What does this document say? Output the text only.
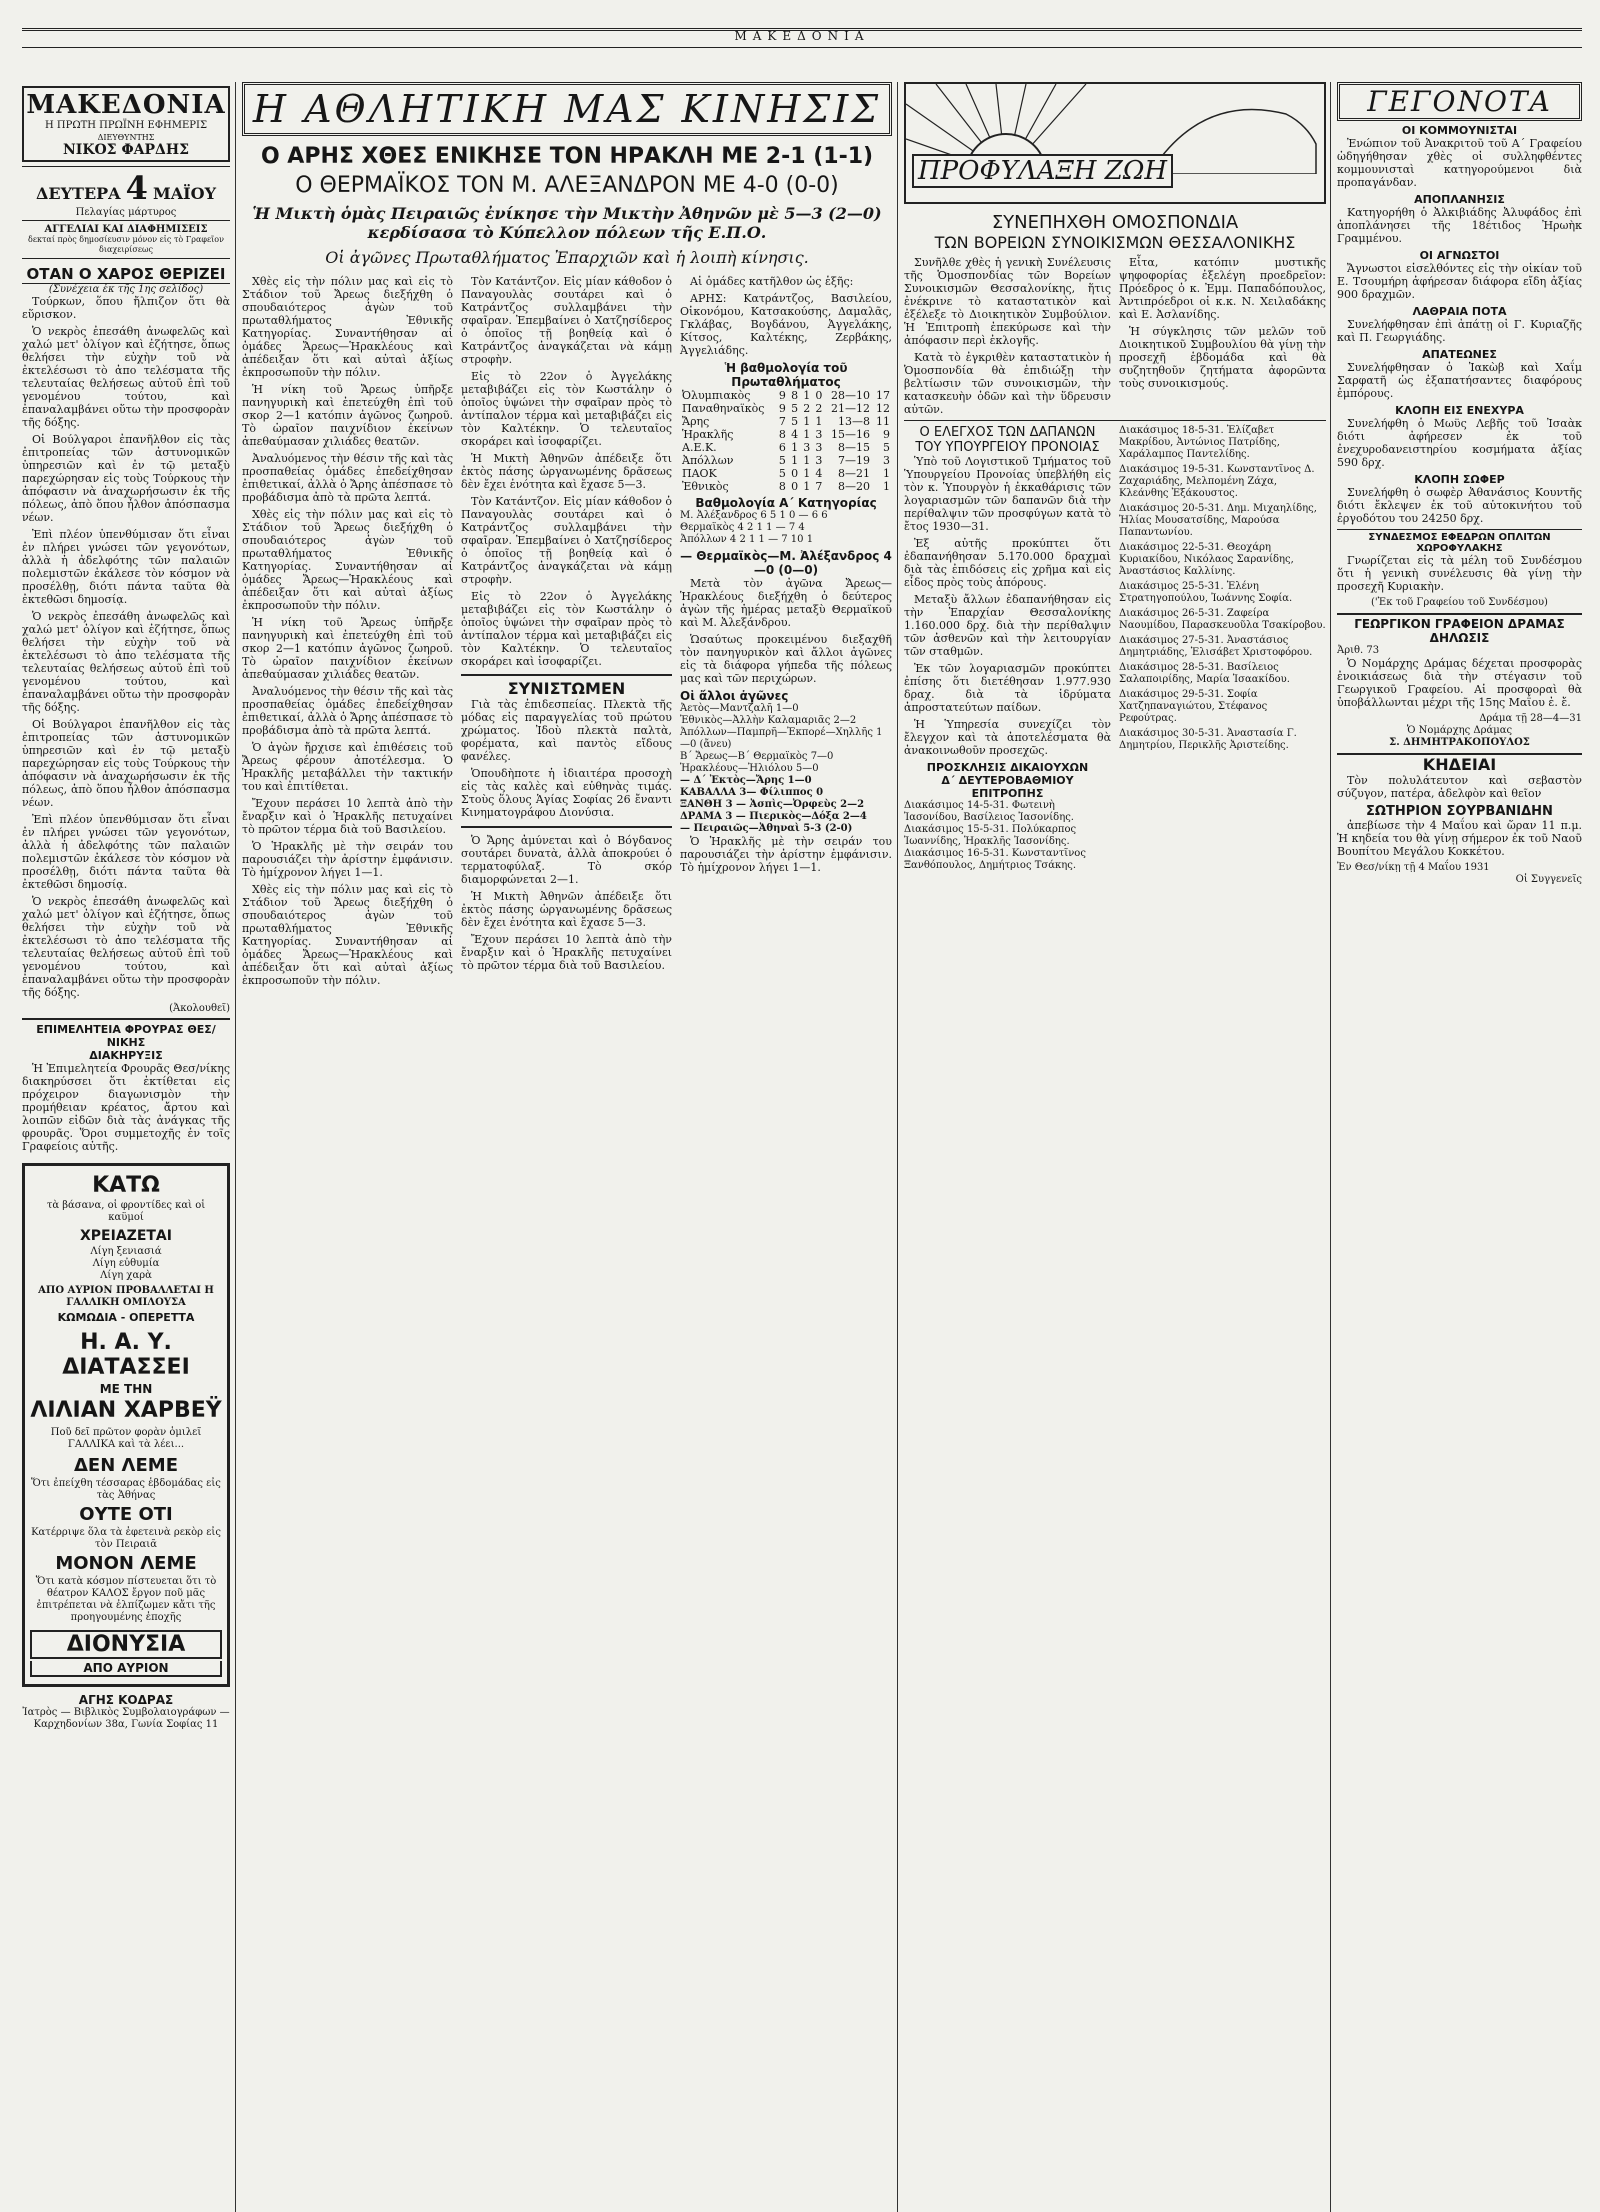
ΜΑΚΕΔΟΝΙΑ
ΜΑΚΕΔΟΝΙΑ
Η ΠΡΩΤΗ ΠΡΩΪΝΗ ΕΦΗΜΕΡΙΣ
ΔΙΕΥΘΥΝΤΗΣ
ΝΙΚΟΣ ΦΑΡΔΗΣ
ΔΕΥΤΕΡΑ 4 ΜΑΪΟΥ
Πελαγίας μάρτυρος
ΑΓΓΕΛΙΑΙ ΚΑΙ ΔΙΑΦΗΜΙΣΕΙΣ
δεκταί πρὸς δημοσίευσιν μόνον εἰς τὸ Γραφεῖον διαχειρίσεως
ΟΤΑΝ Ο ΧΑΡΟΣ ΘΕΡΙΖΕΙ
(Συνέχεια ἐκ τῆς 1ης σελίδος)

Τούρκων, ὅπου ἤλπιζον ὅτι θὰ εὕρισκον.

Ὁ νεκρὸς ἐπεσάθη ἀνωφελῶς καὶ χαλώ μετ' ὀλίγον καὶ ἐζήτησε, ὅπως θελήσει τὴν εὐχὴν τοῦ νὰ ἐκτελέσωσι τὸ ἀπο τελέσματα τῆς τελευταίας θελήσεως αὐτοῦ ἐπὶ τοῦ γενομένου τούτου, καὶ ἐπαναλαμβάνει οὕτω τὴν προσφορὰν τῆς δόξης.

Οἱ Βούλγαροι ἐπανῆλθον εἰς τὰς ἐπιτροπείας τῶν ἀστυνομικῶν ὑπηρεσιῶν καὶ ἐν τῷ μεταξὺ παρεχώρησαν εἰς τοὺς Τούρκους τὴν ἀπόφασιν νὰ ἀναχωρήσωσιν ἐκ τῆς πόλεως, ἀπὸ ὅπου ἦλθον ἀπόσπασμα νέων.

Ἐπὶ πλέον ὑπενθύμισαν ὅτι εἶναι ἐν πλήρει γνώσει τῶν γεγονότων, ἀλλὰ ἡ ἀδελφότης τῶν παλαιῶν πολεμιστῶν ἐκάλεσε τὸν κόσμον νὰ προσέλθῃ, διότι πάντα ταῦτα θὰ ἐκτεθῶσι δημοσίᾳ.

Ὁ νεκρὸς ἐπεσάθη ἀνωφελῶς καὶ χαλώ μετ' ὀλίγον καὶ ἐζήτησε, ὅπως θελήσει τὴν εὐχὴν τοῦ νὰ ἐκτελέσωσι τὸ ἀπο τελέσματα τῆς τελευταίας θελήσεως αὐτοῦ ἐπὶ τοῦ γενομένου τούτου, καὶ ἐπαναλαμβάνει οὕτω τὴν προσφορὰν τῆς δόξης.

Οἱ Βούλγαροι ἐπανῆλθον εἰς τὰς ἐπιτροπείας τῶν ἀστυνομικῶν ὑπηρεσιῶν καὶ ἐν τῷ μεταξὺ παρεχώρησαν εἰς τοὺς Τούρκους τὴν ἀπόφασιν νὰ ἀναχωρήσωσιν ἐκ τῆς πόλεως, ἀπὸ ὅπου ἦλθον ἀπόσπασμα νέων.

Ἐπὶ πλέον ὑπενθύμισαν ὅτι εἶναι ἐν πλήρει γνώσει τῶν γεγονότων, ἀλλὰ ἡ ἀδελφότης τῶν παλαιῶν πολεμιστῶν ἐκάλεσε τὸν κόσμον νὰ προσέλθῃ, διότι πάντα ταῦτα θὰ ἐκτεθῶσι δημοσίᾳ.

Ὁ νεκρὸς ἐπεσάθη ἀνωφελῶς καὶ χαλώ μετ' ὀλίγον καὶ ἐζήτησε, ὅπως θελήσει τὴν εὐχὴν τοῦ νὰ ἐκτελέσωσι τὸ ἀπο τελέσματα τῆς τελευταίας θελήσεως αὐτοῦ ἐπὶ τοῦ γενομένου τούτου, καὶ ἐπαναλαμβάνει οὕτω τὴν προσφορὰν τῆς δόξης.

(Ἀκολουθεῖ)
ΕΠΙΜΕΛΗΤΕΙΑ ΦΡΟΥΡΑΣ ΘΕΣ/ΝΙΚΗΣ
ΔΙΑΚΗΡΥΞΙΣ

Ἡ Ἐπιμελητεία Φρουρᾶς Θεσ/νίκης διακηρύσσει ὅτι ἐκτίθεται εἰς πρόχειρον διαγωνισμὸν τὴν προμήθειαν κρέατος, ἄρτου καὶ λοιπῶν εἰδῶν διὰ τὰς ἀνάγκας τῆς φρουρᾶς. Ὅροι συμμετοχῆς ἐν τοῖς Γραφείοις αὐτῆς.

ΚΑΤΩ
τὰ βάσανα, οἱ φροντίδες καὶ οἱ καϋμοί
ΧΡΕΙΑΖΕΤΑΙ
Λίγη ξενιασιά
Λίγη εὐθυμία
Λίγη χαρὰ
ΑΠΟ ΑΥΡΙΟΝ ΠΡΟΒΑΛΛΕΤΑΙ Η ΓΑΛΛΙΚΗ ΟΜΙΛΟΥΣΑ
ΚΩΜΩΔΙΑ - ΟΠΕΡΕΤΤΑ
Η. Α. Υ. ΔΙΑΤΑΣΣΕΙ
ΜΕ ΤΗΝ
ΛΙΛΙΑΝ ΧΑΡΒΕΫ
Ποῦ δεῖ πρῶτον φορὰν ὁμιλεῖ ΓΑΛΛΙΚΑ καὶ τὰ λέει...
ΔΕΝ ΛΕΜΕ
Ὅτι ἐπείχθη τέσσαρας ἑβδομάδας εἰς τὰς Ἀθήνας
ΟΥΤΕ ΟΤΙ
Κατέρριψε ὅλα τὰ ἐφετεινὰ ρεκὸρ εἰς τὸν Πειραιᾶ
ΜΟΝΟΝ ΛΕΜΕ
Ὅτι κατὰ κόσμον πίστευεται ὅτι τὸ θέατρον ΚΑΛΟΣ ἔργον ποῦ μᾶς ἐπιτρέπεται νὰ ἐλπίζωμεν κἄτι τῆς προηγουμένης ἐποχῆς
ΔΙΟΝΥΣΙΑ
ΑΠΟ ΑΥΡΙΟΝ
ΑΓΗΣ ΚΟΔΡΑΣ
Ἰατρὸς — Βιβλικὸς Συμβολαιογράφων — Καρχηδονίων 38α, Γωνία Σοφίας 11
Η ΑΘΛΗΤΙΚΗ ΜΑΣ ΚΙΝΗΣΙΣ
Ο ΑΡΗΣ ΧΘΕΣ ΕΝΙΚΗΣΕ ΤΟΝ ΗΡΑΚΛΗ ΜΕ 2-1 (1-1)
Ο ΘΕΡΜΑΪΚΟΣ ΤΟΝ Μ. ΑΛΕΞΑΝΔΡΟΝ ΜΕ 4-0 (0-0)
Ἡ Μικτὴ ὁμὰς Πειραιῶς ἐνίκησε τὴν Μικτὴν Ἀθηνῶν μὲ 5—3 (2—0) κερδίσασα τὸ Κύπελλον πόλεων τῆς Ε.Π.Ο.
Οἱ ἀγῶνες Πρωταθλήματος Ἐπαρχιῶν καὶ ἡ λοιπὴ κίνησις.

Χθὲς εἰς τὴν πόλιν μας καὶ εἰς τὸ Στάδιον τοῦ Ἄρεως διεξήχθη ὁ σπουδαιότερος ἀγὼν τοῦ πρωταθλήματος Ἐθνικῆς Κατηγορίας. Συναντήθησαν αἱ ὁμάδες Ἄρεως—Ἡρακλέους καὶ ἀπέδειξαν ὅτι καὶ αὐταὶ ἀξίως ἐκπροσωποῦν τὴν πόλιν.

Ἡ νίκη τοῦ Ἄρεως ὑπῆρξε πανηγυρικὴ καὶ ἐπετεύχθη ἐπὶ τοῦ σκορ 2—1 κατόπιν ἀγῶνος ζωηροῦ. Τὸ ὡραῖον παιχνίδιον ἐκείνων ἀπεθαύμασαν χιλιάδες θεατῶν.

Ἀναλυόμενος τὴν θέσιν τῆς καὶ τὰς προσπαθείας ὁμάδες ἐπεδείχθησαν ἐπιθετικαί, ἀλλὰ ὁ Ἄρης ἀπέσπασε τὸ προβάδισμα ἀπὸ τὰ πρῶτα λεπτά.

Χθὲς εἰς τὴν πόλιν μας καὶ εἰς τὸ Στάδιον τοῦ Ἄρεως διεξήχθη ὁ σπουδαιότερος ἀγὼν τοῦ πρωταθλήματος Ἐθνικῆς Κατηγορίας. Συναντήθησαν αἱ ὁμάδες Ἄρεως—Ἡρακλέους καὶ ἀπέδειξαν ὅτι καὶ αὐταὶ ἀξίως ἐκπροσωποῦν τὴν πόλιν.

Ἡ νίκη τοῦ Ἄρεως ὑπῆρξε πανηγυρικὴ καὶ ἐπετεύχθη ἐπὶ τοῦ σκορ 2—1 κατόπιν ἀγῶνος ζωηροῦ. Τὸ ὡραῖον παιχνίδιον ἐκείνων ἀπεθαύμασαν χιλιάδες θεατῶν.

Ἀναλυόμενος τὴν θέσιν τῆς καὶ τὰς προσπαθείας ὁμάδες ἐπεδείχθησαν ἐπιθετικαί, ἀλλὰ ὁ Ἄρης ἀπέσπασε τὸ προβάδισμα ἀπὸ τὰ πρῶτα λεπτά.

Ὁ ἀγὼν ἤρχισε καὶ ἐπιθέσεις τοῦ Ἄρεως φέρουν ἀποτέλεσμα. Ὁ Ἡρακλῆς μεταβάλλει τὴν τακτικήν του καὶ ἐπιτίθεται.

Ἔχουν περάσει 10 λεπτὰ ἀπὸ τὴν ἔναρξιν καὶ ὁ Ἡρακλῆς πετυχαίνει τὸ πρῶτον τέρμα διὰ τοῦ Βασιλείου.

Ὁ Ἡρακλῆς μὲ τὴν σειράν του παρουσιάζει τὴν ἀρίστην ἐμφάνισιν. Τὸ ἡμίχρονον λήγει 1—1.

Χθὲς εἰς τὴν πόλιν μας καὶ εἰς τὸ Στάδιον τοῦ Ἄρεως διεξήχθη ὁ σπουδαιότερος ἀγὼν τοῦ πρωταθλήματος Ἐθνικῆς Κατηγορίας. Συναντήθησαν αἱ ὁμάδες Ἄρεως—Ἡρακλέους καὶ ἀπέδειξαν ὅτι καὶ αὐταὶ ἀξίως ἐκπροσωποῦν τὴν πόλιν.

Τὸν Κατάντζον. Εἰς μίαν κάθοδον ὁ Παναγουλὰς σουτάρει καὶ ὁ Κατράντζος συλλαμβάνει τὴν σφαῖραν. Ἐπεμβαίνει ὁ Χατζησίδερος ὁ ὁποῖος τῇ βοηθείᾳ καὶ ὁ Κατράντζος ἀναγκάζεται νὰ κάμῃ στροφὴν.

Εἰς τὸ 22ον ὁ Ἀγγελάκης μεταβιβάζει εἰς τὸν Κωστάλην ὁ ὁποῖος ὑψώνει τὴν σφαῖραν πρὸς τὸ ἀντίπαλον τέρμα καὶ μεταβιβάζει εἰς τὸν Καλτέκην. Ὁ τελευταῖος σκοράρει καὶ ἰσοφαρίζει.

Ἡ Μικτὴ Ἀθηνῶν ἀπέδειξε ὅτι ἐκτὸς πάσης ὡργανωμένης δρᾶσεως δὲν ἔχει ἐνότητα καὶ ἔχασε 5—3.

Τὸν Κατάντζον. Εἰς μίαν κάθοδον ὁ Παναγουλὰς σουτάρει καὶ ὁ Κατράντζος συλλαμβάνει τὴν σφαῖραν. Ἐπεμβαίνει ὁ Χατζησίδερος ὁ ὁποῖος τῇ βοηθείᾳ καὶ ὁ Κατράντζος ἀναγκάζεται νὰ κάμῃ στροφὴν.

Εἰς τὸ 22ον ὁ Ἀγγελάκης μεταβιβάζει εἰς τὸν Κωστάλην ὁ ὁποῖος ὑψώνει τὴν σφαῖραν πρὸς τὸ ἀντίπαλον τέρμα καὶ μεταβιβάζει εἰς τὸν Καλτέκην. Ὁ τελευταῖος σκοράρει καὶ ἰσοφαρίζει.

ΣΥΝΙΣΤΩΜΕΝ

Γιὰ τὰς ἐπιδεσπείας. Πλεκτὰ τῆς μόδας εἰς παραγγελίας τοῦ πρώτου χρώματος. Ἰδοὺ πλεκτὰ παλτὰ, φορέματα, καὶ παντὸς εἴδους φανέλες.

Ὁπουδὴποτε ἡ ἰδιαιτέρα προσοχὴ εἰς τὰς καλὲς καὶ εὐθηνὰς τιμάς. Στοὺς ὅλους Ἁγίας Σοφίας 26 ἔναντι Κινηματογράφου Διονύσια.

Ὁ Ἄρης ἀμύνεται καὶ ὁ Βόγδανος σουτάρει δυνατὰ, ἀλλὰ ἀποκρούει ὁ τερματοφύλαξ. Τὸ σκόρ διαμορφώνεται 2—1.

Ἡ Μικτὴ Ἀθηνῶν ἀπέδειξε ὅτι ἐκτὸς πάσης ὡργανωμένης δρᾶσεως δὲν ἔχει ἐνότητα καὶ ἔχασε 5—3.

Ἔχουν περάσει 10 λεπτὰ ἀπὸ τὴν ἔναρξιν καὶ ὁ Ἡρακλῆς πετυχαίνει τὸ πρῶτον τέρμα διὰ τοῦ Βασιλείου.

Αἱ ὁμάδες κατῆλθον ὡς ἑξῆς:

ΑΡΗΣ: Κατράντζος, Βασιλείου, Οἰκονόμου, Κατσακούσης, Δαμαλᾶς, Γκλάβας, Βογδάνου, Ἀγγελάκης, Κίτσος, Καλτέκης, Ζερβάκης, Ἀγγελιάδης.

Ἡ βαθμολογία τοῦ Πρωταθλήματος
Ὀλυμπιακὸς	9	8	1	0	28—10	17
Παναθηναϊκὸς	9	5	2	2	21—12	12
Ἄρης	7	5	1	1	13—8	11
Ἡρακλῆς	8	4	1	3	15—16	9
Α.Ε.Κ.	6	1	3	3	8—15	5
Ἀπόλλων	5	1	1	3	7—19	3
ΠΑΟΚ	5	0	1	4	8—21	1
Ἐθνικὸς	8	0	1	7	8—20	1
Βαθμολογία Α΄ Κατηγορίας
Μ. Ἀλέξανδρος 6 5 1 0 — 6 6
Θερμαϊκὸς 4 2 1 1 — 7 4
Ἀπόλλων 4 2 1 1 — 7 10 1
— Θερμαϊκὸς—Μ. Ἀλέξανδρος 4—0 (0—0)

Μετὰ τὸν ἀγῶνα Ἄρεως—Ἡρακλέους διεξήχθη ὁ δεύτερος ἀγὼν τῆς ἡμέρας μεταξὺ Θερμαϊκοῦ καὶ Μ. Ἀλεξάνδρου.

Ὡσαύτως προκειμένου διεξαχθῆ τὸν πανηγυρικὸν καὶ ἄλλοι ἀγῶνες εἰς τὰ διάφορα γήπεδα τῆς πόλεως μας καὶ τῶν περιχώρων.

Οἱ ἄλλοι ἀγῶνες
Ἀετὸς—Μαντζαλῆ 1—0
Ἐθνικὸς—Ἀλλὴν Καλαμαριᾶς 2—2
Ἀπόλλων—Παμπρῆ—Ἐκπορέ—Χηλλῆς 1—0 (ἄνευ)
Β΄ Ἄρεως—Β΄ Θερμαϊκὸς 7—0
Ἡρακλέους—Ἠλιόλου 5—0
— Δ΄ Ἐκτὸς—Ἄρης 1—0
ΚΑΒΑΛΛΑ 3— Φίλιππος 0
ΞΑΝΘΗ 3 — Ἀσπὶς—Ὀρφεὺς 2—2
ΔΡΑΜΑ 3 — Πιερικὸς—Δόξα 2—4
— Πειραιῶς—Ἀθηναὶ 5-3 (2-0)

Ὁ Ἡρακλῆς μὲ τὴν σειράν του παρουσιάζει τὴν ἀρίστην ἐμφάνισιν. Τὸ ἡμίχρονον λήγει 1—1.

ΠΡΟΦΥΛΑΞΗ ΖΩΗ
ΣΥΝΕΠΗΧΘΗ ΟΜΟΣΠΟΝΔΙΑ
ΤΩΝ ΒΟΡΕΙΩΝ ΣΥΝΟΙΚΙΣΜΩΝ ΘΕΣΣΑΛΟΝΙΚΗΣ

Συνῆλθε χθὲς ἡ γενικὴ Συνέλευσις τῆς Ὁμοσπονδίας τῶν Βορείων Συνοικισμῶν Θεσσαλονίκης, ἥτις ἐνέκρινε τὸ καταστατικὸν καὶ ἐξέλεξε τὸ Διοικητικὸν Συμβούλιον. Ἡ Ἐπιτροπὴ ἐπεκύρωσε καὶ τὴν ἀπόφασιν περὶ ἐκλογῆς.

Κατὰ τὸ ἐγκριθὲν καταστατικὸν ἡ Ὁμοσπονδία θὰ ἐπιδιώξῃ τὴν βελτίωσιν τῶν συνοικισμῶν, τὴν κατασκευὴν ὁδῶν καὶ τὴν ὕδρευσιν αὐτῶν.

Εἶτα, κατόπιν μυστικῆς ψηφοφορίας ἐξελέγη προεδρεῖον: Πρόεδρος ὁ κ. Ἐμμ. Παπαδόπουλος, Ἀντιπρόεδροι οἱ κ.κ. Ν. Χειλαδάκης καὶ Ε. Ἀσλανίδης.

Ἡ σύγκλησις τῶν μελῶν τοῦ Διοικητικοῦ Συμβουλίου θὰ γίνῃ τὴν προσεχῆ ἑβδομάδα καὶ θὰ συζητηθοῦν ζητήματα ἀφορῶντα τοὺς συνοικισμούς.

Ο ΕΛΕΓΧΟΣ ΤΩΝ ΔΑΠΑΝΩΝ
ΤΟΥ ΥΠΟΥΡΓΕΙΟΥ ΠΡΟΝΟΙΑΣ

Ὑπὸ τοῦ Λογιστικοῦ Τμήματος τοῦ Ὑπουργείου Προνοίας ὑπεβλήθη εἰς τὸν κ. Ὑπουργὸν ἡ ἐκκαθάρισις τῶν λογαριασμῶν τῶν δαπανῶν διὰ τὴν περίθαλψιν τῶν προσφύγων κατὰ τὸ ἔτος 1930—31.

Ἐξ αὐτῆς προκύπτει ὅτι ἐδαπανήθησαν 5.170.000 δραχμαὶ διὰ τὰς ἐπιδόσεις εἰς χρῆμα καὶ εἰς εἶδος πρὸς τοὺς ἀπόρους.

Μεταξὺ ἄλλων ἐδαπανήθησαν εἰς τὴν Ἐπαρχίαν Θεσσαλονίκης 1.160.000 δρχ. διὰ τὴν περίθαλψιν τῶν ἀσθενῶν καὶ τὴν λειτουργίαν τῶν σταθμῶν.

Ἐκ τῶν λογαριασμῶν προκύπτει ἐπίσης ὅτι διετέθησαν 1.977.930 δραχ. διὰ τὰ ἱδρύματα ἀπροστατεύτων παίδων.

Ἡ Ὑπηρεσία συνεχίζει τὸν ἔλεγχον καὶ τὰ ἀποτελέσματα θὰ ἀνακοινωθοῦν προσεχῶς.

ΠΡΟΣΚΛΗΣΙΣ ΔΙΚΑΙΟΥΧΩΝ
Δ΄ ΔΕΥΤΕΡΟΒΑΘΜΙΟΥ ΕΠΙΤΡΟΠΗΣ
Διακάσιμος 14-5-31. Φωτεινὴ Ἰασονίδου, Βασίλειος Ἰασονίδης.
Διακάσιμος 15-5-31. Πολύκαρπος Ἰωαννίδης, Ἡρακλῆς Ἰασονίδης.
Διακάσιμος 16-5-31. Κωνσταντῖνος Ξανθόπουλος, Δημήτριος Τσάκης.
Διακάσιμος 18-5-31. Ἐλίζαβετ Μακρίδου, Ἀντώνιος Πατρίδης, Χαράλαμπος Παντελίδης.
Διακάσιμος 19-5-31. Κωνσταντῖνος Δ. Ζαχαριάδης, Μελπομένη Ζάχα, Κλεάνθης Ἐξάκουστος.
Διακάσιμος 20-5-31. Δημ. Μιχαηλίδης, Ἠλίας Μουσατσίδης, Μαρούσα Παπαντωνίου.
Διακάσιμος 22-5-31. Θεοχάρη Κυριακίδου, Νικόλαος Σαρανίδης, Ἀναστάσιος Καλλίνης.
Διακάσιμος 25-5-31. Ἑλένη Στρατηγοπούλου, Ἰωάννης Σοφία.
Διακάσιμος 26-5-31. Ζαφείρα Ναουμίδου, Παρασκευοῦλα Τσακίροβου.
Διακάσιμος 27-5-31. Ἀναστάσιος Δημητριάδης, Ἐλισάβετ Χριστοφόρου.
Διακάσιμος 28-5-31. Βασίλειος Σαλαποιρίδης, Μαρία Ἰσαακίδου.
Διακάσιμος 29-5-31. Σοφία Χατζηπαναγιώτου, Στέφανος Ρεφούτρας.
Διακάσιμος 30-5-31. Ἀναστασία Γ. Δημητρίου, Περικλῆς Ἀριστείδης.
ΓΕΓΟΝΟΤΑ
ΟΙ ΚΟΜΜΟΥΝΙΣΤΑΙ

Ἐνώπιον τοῦ Ἀνακριτοῦ τοῦ Α΄ Γραφείου ὡδηγήθησαν χθὲς οἱ συλληφθέντες κομμουνισταὶ κατηγορούμενοι διὰ προπαγάνδαν.

ΑΠΟΠΛΑΝΗΣΙΣ

Κατηγορήθη ὁ Ἀλκιβιάδης Ἀλυφάδος ἐπὶ ἀποπλάνησει τῆς 18έτιδος Ἠρωὴκ Γραμμένου.

ΟΙ ΑΓΝΩΣΤΟΙ

Ἄγνωστοι εἰσελθόντες εἰς τὴν οἰκίαν τοῦ Ε. Τσουμήρη ἀφήρεσαν διάφορα εἴδη ἀξίας 900 δραχμῶν.

ΛΑΘΡΑΙΑ ΠΟΤΑ

Συνελήφθησαν ἐπὶ ἀπάτῃ οἱ Γ. Κυριαζῆς καὶ Π. Γεωργιάδης.

ΑΠΑΤΕΩΝΕΣ

Συνελήφθησαν ὁ Ἰακὼβ καὶ Χαΐμ Σαρφατῆ ὡς ἐξαπατήσαντες διαφόρους ἐμπόρους.

ΚΛΟΠΗ ΕΙΣ ΕΝΕΧΥΡΑ

Συνελήφθη ὁ Μωϋς Λεβῆς τοῦ Ἰσαὰκ διότι ἀφήρεσεν ἐκ τοῦ ἐνεχυροδανειστηρίου κοσμήματα ἀξίας 590 δρχ.

ΚΛΟΠΗ ΣΩΦΕΡ

Συνελήφθη ὁ σωφὲρ Ἀθανάσιος Κουντῆς διότι ἔκλεψεν ἐκ τοῦ αὐτοκινήτου τοῦ ἐργοδότου του 24250 δρχ.

ΣΥΝΔΕΣΜΟΣ ΕΦΕΔΡΩΝ ΟΠΛΙΤΩΝ ΧΩΡΟΦΥΛΑΚΗΣ

Γνωρίζεται εἰς τὰ μέλη τοῦ Συνδέσμου ὅτι ἡ γενικὴ συνέλευσις θὰ γίνῃ τὴν προσεχῆ Κυριακὴν.

('Ἐκ τοῦ Γραφείου τοῦ Συνδέσμου)
ΓΕΩΡΓΙΚΟΝ ΓΡΑΦΕΙΟΝ ΔΡΑΜΑΣ
ΔΗΛΩΣΙΣ
Ἀριθ. 73

Ὁ Νομάρχης Δράμας δέχεται προσφορὰς ἐνοικιάσεως διὰ τὴν στέγασιν τοῦ Γεωργικοῦ Γραφείου. Αἱ προσφοραὶ θὰ ὑποβάλλωνται μέχρι τῆς 15ης Μαΐου ἐ. ἔ.

Δράμα τῇ 28—4—31
Ὁ Νομάρχης Δράμας
Σ. ΔΗΜΗΤΡΑΚΟΠΟΥΛΟΣ
ΚΗΔΕΙΑΙ

Τὸν πολυλάτευτον καὶ σεβαστὸν σύζυγον, πατέρα, ἀδελφὸν καὶ θεῖον

ΣΩΤΗΡΙΟΝ ΣΟΥΡΒΑΝΙΔΗΝ

ἀπεβίωσε τὴν 4 Μαΐου καὶ ὥραν 11 π.μ. Ἡ κηδεία του θὰ γίνῃ σήμερον ἐκ τοῦ Ναοῦ Βουπίτου Μεγάλου Κοκκέτου.

Ἐν Θεσ/νίκῃ τῇ 4 Μαΐου 1931
Οἱ Συγγενεῖς
